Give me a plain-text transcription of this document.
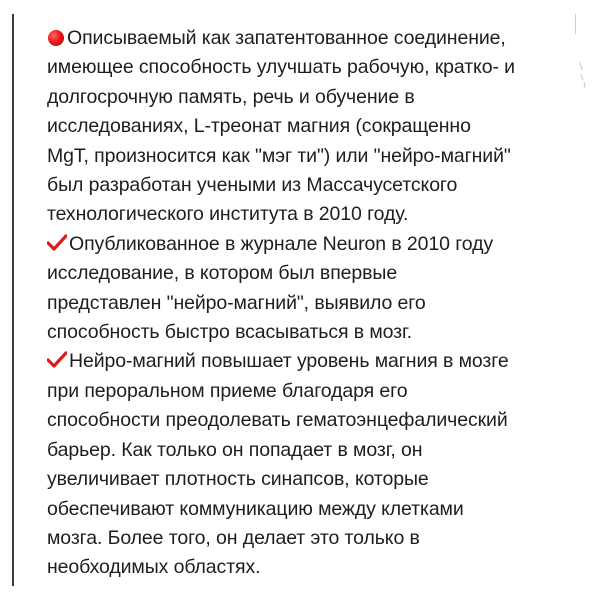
Описываемый как запатентованное соединение,
имеющее способность улучшать рабочую, кратко- и
долгосрочную память, речь и обучение в
исследованиях, L-треонат магния (сокращенно
MgT, произносится как "мэг ти") или "нейро-магний"
был разработан учеными из Массачусетского
технологического института в 2010 году.

Опубликованное в журнале Neuron в 2010 году
исследование, в котором был впервые
представлен "нейро-магний", выявило его
способность быстро всасываться в мозг.

Нейро-магний повышает уровень магния в мозге
при пероральном приеме благодаря его
способности преодолевать гематоэнцефалический
барьер. Как только он попадает в мозг, он
увеличивает плотность синапсов, которые
обеспечивают коммуникацию между клетками
мозга. Более того, он делает это только в
необходимых областях.
